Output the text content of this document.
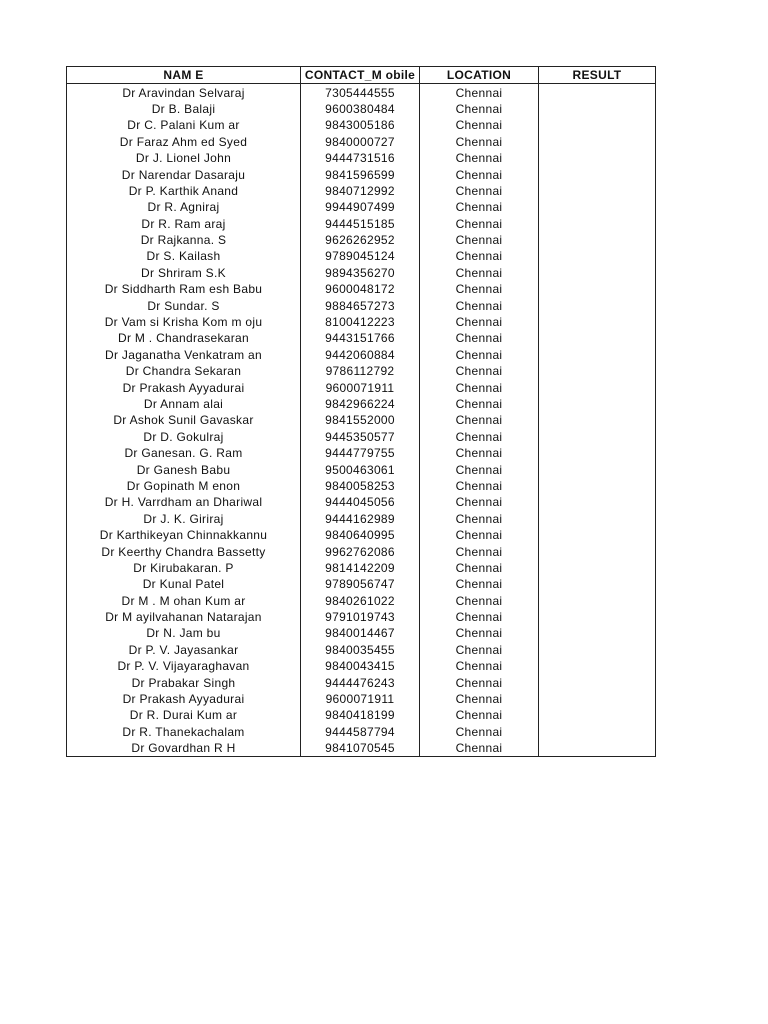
NAM E	CONTACT_M obile	LOCATION	RESULT
Dr Aravindan Selvaraj	7305444555	Chennai	
Dr B. Balaji	9600380484	Chennai	
Dr C. Palani Kum ar	9843005186	Chennai	
Dr Faraz Ahm ed Syed	9840000727	Chennai	
Dr J. Lionel John	9444731516	Chennai	
Dr Narendar Dasaraju	9841596599	Chennai	
Dr P. Karthik Anand	9840712992	Chennai	
Dr R. Agniraj	9944907499	Chennai	
Dr R. Ram araj	9444515185	Chennai	
Dr Rajkanna. S	9626262952	Chennai	
Dr S. Kailash	9789045124	Chennai	
Dr Shriram S.K	9894356270	Chennai	
Dr Siddharth Ram esh Babu	9600048172	Chennai	
Dr Sundar. S	9884657273	Chennai	
Dr Vam si Krisha Kom m oju	8100412223	Chennai	
Dr M . Chandrasekaran	9443151766	Chennai	
Dr Jaganatha Venkatram an	9442060884	Chennai	
Dr Chandra Sekaran	9786112792	Chennai	
Dr Prakash Ayyadurai	9600071911	Chennai	
Dr Annam alai	9842966224	Chennai	
Dr Ashok Sunil Gavaskar	9841552000	Chennai	
Dr D. Gokulraj	9445350577	Chennai	
Dr Ganesan. G. Ram	9444779755	Chennai	
Dr Ganesh Babu	9500463061	Chennai	
Dr Gopinath M enon	9840058253	Chennai	
Dr H. Varrdham an Dhariwal	9444045056	Chennai	
Dr J. K. Giriraj	9444162989	Chennai	
Dr Karthikeyan Chinnakkannu	9840640995	Chennai	
Dr Keerthy Chandra Bassetty	9962762086	Chennai	
Dr Kirubakaran. P	9814142209	Chennai	
Dr Kunal Patel	9789056747	Chennai	
Dr M . M ohan Kum ar	9840261022	Chennai	
Dr M ayilvahanan Natarajan	9791019743	Chennai	
Dr N. Jam bu	9840014467	Chennai	
Dr P. V. Jayasankar	9840035455	Chennai	
Dr P. V. Vijayaraghavan	9840043415	Chennai	
Dr Prabakar Singh	9444476243	Chennai	
Dr Prakash Ayyadurai	9600071911	Chennai	
Dr R. Durai Kum ar	9840418199	Chennai	
Dr R. Thanekachalam	9444587794	Chennai	
Dr Govardhan R H	9841070545	Chennai	
